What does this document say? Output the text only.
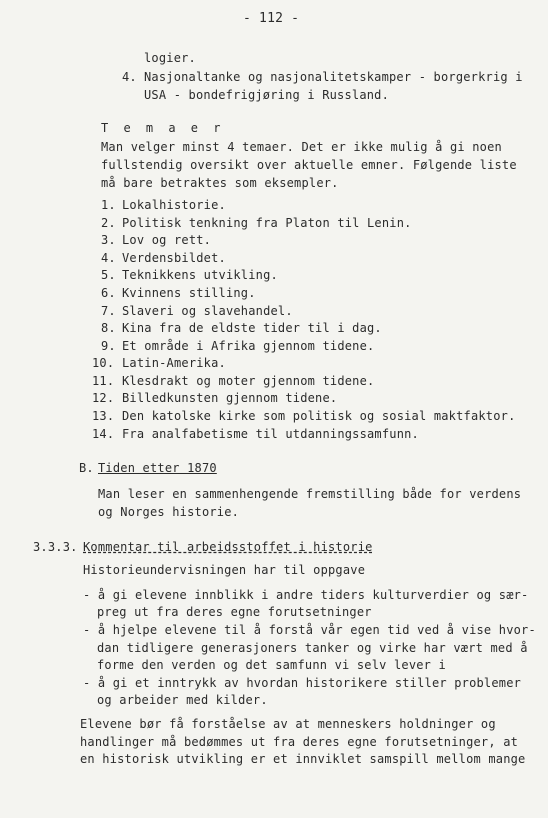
- 112 -
logier.
4. Nasjonaltanke og nasjonalitetskamper - borgerkrig i
USA - bondefrigjøring i Russland.
T e m a e r
Man velger minst 4 temaer. Det er ikke mulig å gi noen
fullstendig oversikt over aktuelle emner. Følgende liste
må bare betraktes som eksempler.
1. Lokalhistorie.
2. Politisk tenkning fra Platon til Lenin.
3. Lov og rett.
4. Verdensbildet.
5. Teknikkens utvikling.
6. Kvinnens stilling.
7. Slaveri og slavehandel.
8. Kina fra de eldste tider til i dag.
9. Et område i Afrika gjennom tidene.
10. Latin-Amerika.
11. Klesdrakt og moter gjennom tidene.
12. Billedkunsten gjennom tidene.
13. Den katolske kirke som politisk og sosial maktfaktor.
14. Fra analfabetisme til utdanningssamfunn.
B. Tiden etter 1870
Man leser en sammenhengende fremstilling både for verdens
og Norges historie.
3.3.3. Kommentar til arbeidsstoffet i historie
Historieundervisningen har til oppgave
- å gi elevene innblikk i andre tiders kulturverdier og sær-
preg ut fra deres egne forutsetninger
- å hjelpe elevene til å forstå vår egen tid ved å vise hvor-
dan tidligere generasjoners tanker og virke har vært med å
forme den verden og det samfunn vi selv lever i
- å gi et inntrykk av hvordan historikere stiller problemer
og arbeider med kilder.
Elevene bør få forståelse av at menneskers holdninger og
handlinger må bedømmes ut fra deres egne forutsetninger, at
en historisk utvikling er et innviklet samspill mellom mange
